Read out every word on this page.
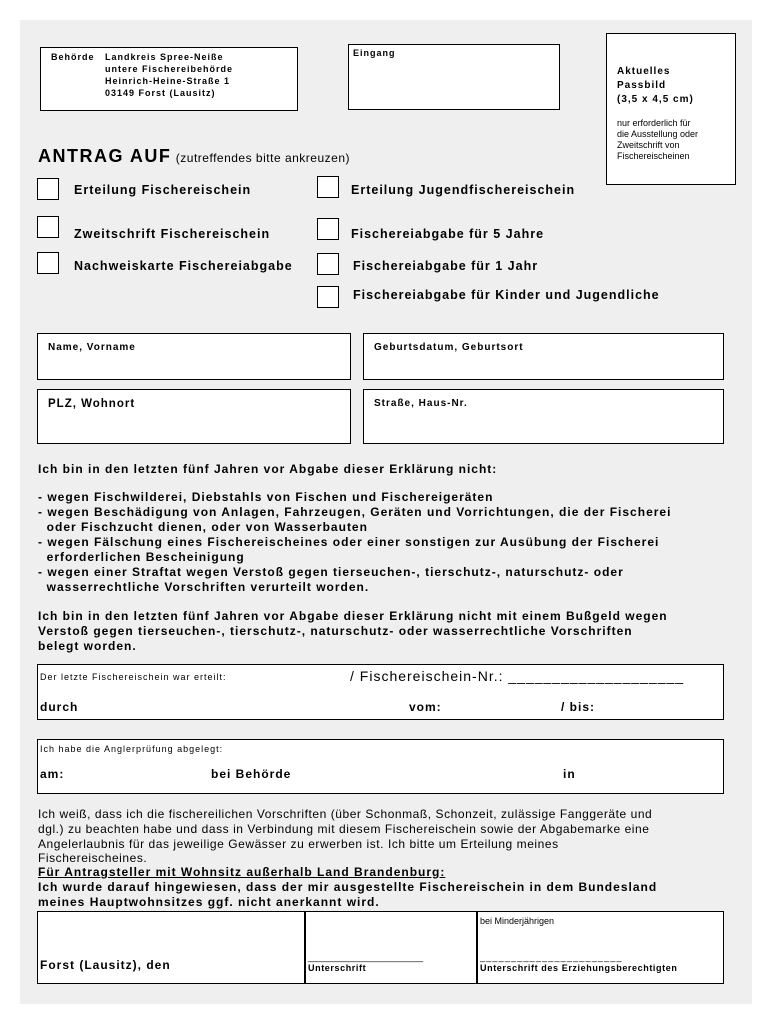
Behörde Landkreis Spree-Neiße
untere Fischereibehörde
Heinrich-Heine-Straße 1
03149 Forst (Lausitz)
Eingang
Aktuelles
Passbild
(3,5 x 4,5 cm)
nur erforderlich für
die Ausstellung oder
Zweitschrift von
Fischereischeinen
ANTRAG AUF (zutreffendes bitte ankreuzen)
Erteilung Fischereischein	Erteilung Jugendfischereischein
Zweitschrift Fischereischein	Fischereiabgabe für 5 Jahre
Nachweiskarte Fischereiabgabe	Fischereiabgabe für 1 Jahr
Fischereiabgabe für Kinder und Jugendliche
Name, Vorname	Geburtsdatum, Geburtsort
PLZ, Wohnort	Straße, Haus-Nr.
Ich bin in den letzten fünf Jahren vor Abgabe dieser Erklärung nicht:
- wegen Fischwilderei, Diebstahls von Fischen und Fischereigeräten
- wegen Beschädigung von Anlagen, Fahrzeugen, Geräten und Vorrichtungen, die der Fischerei
oder Fischzucht dienen, oder von Wasserbauten
- wegen Fälschung eines Fischereischeines oder einer sonstigen zur Ausübung der Fischerei
erforderlichen Bescheinigung
- wegen einer Straftat wegen Verstoß gegen tierseuchen-, tierschutz-, naturschutz- oder
wasserrechtliche Vorschriften verurteilt worden.
Ich bin in den letzten fünf Jahren vor Abgabe dieser Erklärung nicht mit einem Bußgeld wegen
Verstoß gegen tierseuchen-, tierschutz-, naturschutz- oder wasserrechtliche Vorschriften
belegt worden.
Der letzte Fischereischein war erteilt:	/ Fischereischein-Nr.: ____________________
durch	vom:	/ bis:
Ich habe die Anglerprüfung abgelegt:
am:	bei Behörde	in
Ich weiß, dass ich die fischereilichen Vorschriften (über Schonmaß, Schonzeit, zulässige Fanggeräte und
dgl.) zu beachten habe und dass in Verbindung mit diesem Fischereischein sowie der Abgabemarke eine
Angelerlaubnis für das jeweilige Gewässer zu erwerben ist. Ich bitte um Erteilung meines
Fischereischeines.
Für Antragsteller mit Wohnsitz außerhalb Land Brandenburg:
Ich wurde darauf hingewiesen, dass der mir ausgestellte Fischereischein in dem Bundesland
meines Hauptwohnsitzes ggf. nicht anerkannt wird.
Forst (Lausitz), den
_______________________
Unterschrift
bei Minderjährigen
_______________________
Unterschrift des Erziehungsberechtigten
